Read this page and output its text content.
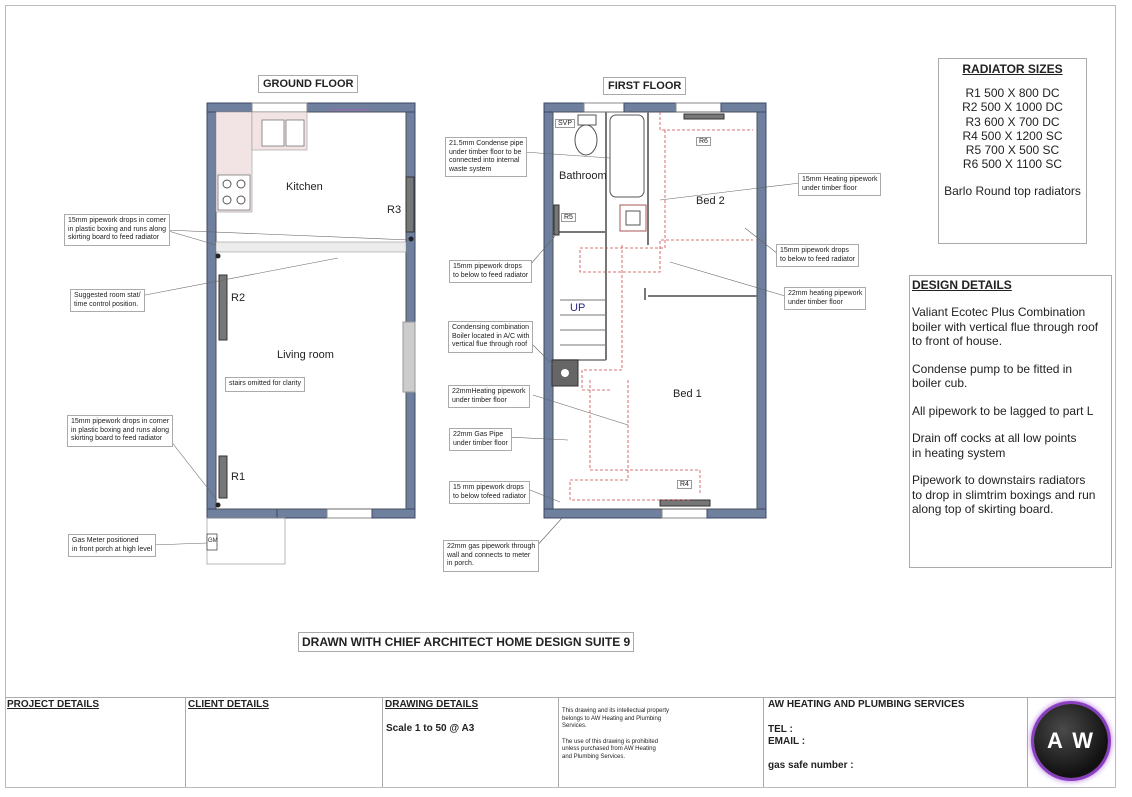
GROUND FLOOR	FIRST FLOOR
Kitchen
Living room
R2
R3
R1
stairs omitted for clarity
GM
15mm pipework drops in corner
in plastic boxing and runs along
skirting board to feed radiator
Suggested room stat/
time control position.
15mm pipework drops in corner
in plastic boxing and runs along
skirting board to feed radiator
Gas Meter positioned
in front porch at high level
SVP
Bathroom
Bed 2
Bed 1
UP
R5
R6
R4
21.5mm Condense pipe
under timber floor to be
connected into internal
waste system
15mm pipework drops
to below to feed radiator
Condensing combination
Boiler located in A/C with
vertical flue through roof
22mmHeating pipework
under timber floor
22mm Gas Pipe
under timber floor
15 mm pipework drops
to below tofeed radiator
22mm gas pipework through
wall and connects to meter
in porch.
15mm Heating pipework
under timber floor
15mm pipework drops
to below to feed radiator
22mm heating pipework
under timber floor
RADIATOR SIZES
R1 500 X 800 DC
R2 500 X 1000 DC
R3 600 X 700 DC
R4 500 X 1200 SC
R5 700 X 500 SC
R6 500 X 1100 SC
Barlo Round top radiators
DESIGN DETAILS
Valiant Ecotec Plus Combination
boiler with vertical flue through roof
to front of house.
Condense pump to be fitted in
boiler cub.
All pipework to be lagged to part L
Drain off cocks at all low points
in heating system
Pipework to downstairs radiators
to drop in slimtrim boxings and run
along top of skirting board.
DRAWN WITH CHIEF ARCHITECT HOME DESIGN SUITE 9
PROJECT DETAILS	CLIENT DETAILS	DRAWING DETAILS
Scale 1 to 50 @ A3
This drawing and its intellectual property
belongs to AW Heating and Plumbing
Services.
The use of this drawing is prohibited
unless purchased from AW Heating
and Plumbing Services.
AW HEATING AND PLUMBING SERVICES
TEL :
EMAIL :
gas safe number :
A W
